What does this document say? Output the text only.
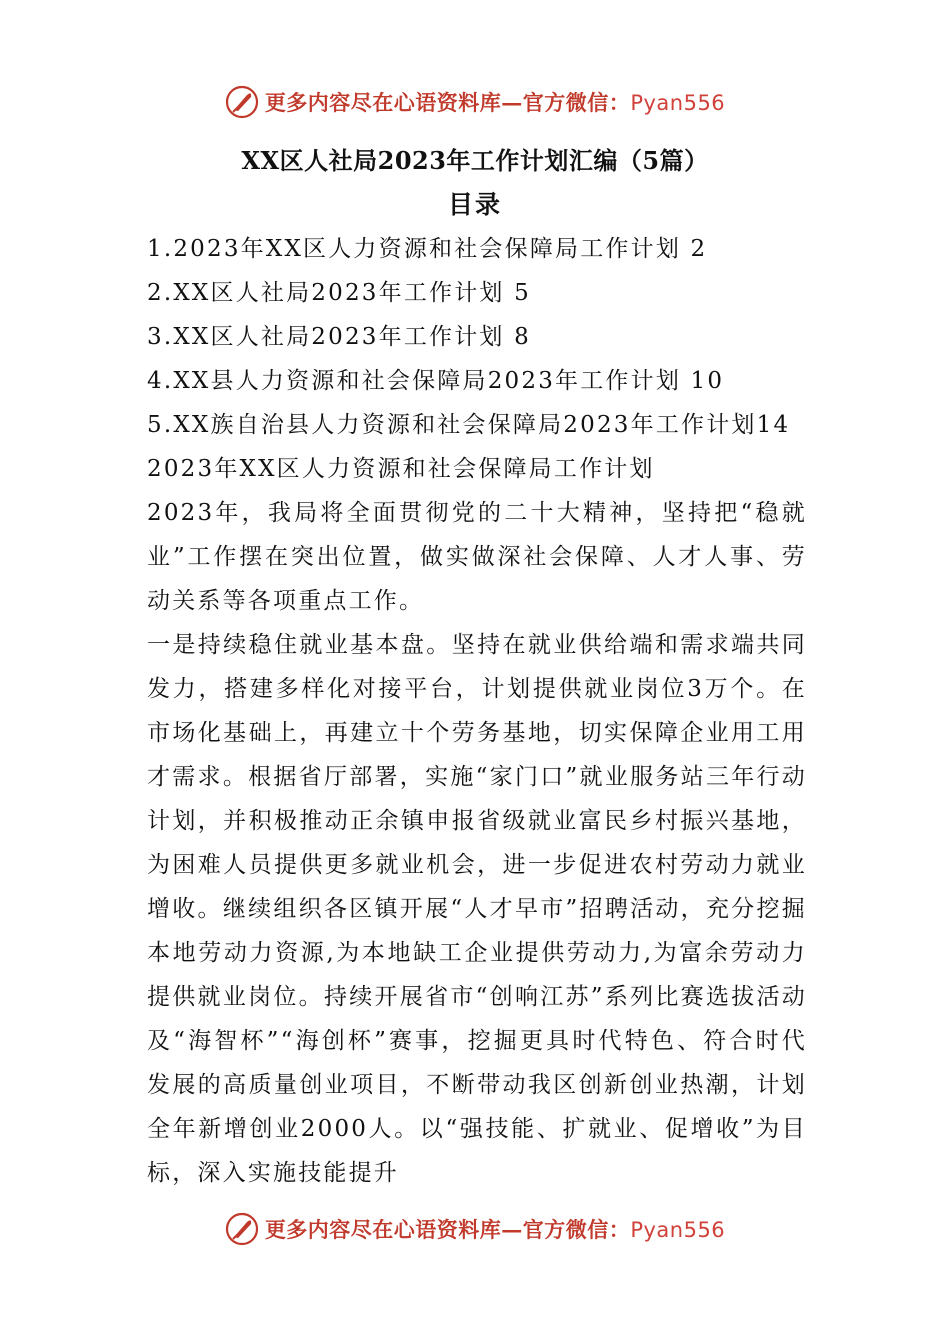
更多内容尽在心语资料库—官方微信：Pyan556
XX区人社局2023年工作计划汇编（5篇）
目录
1.2023年XX区人力资源和社会保障局工作计划 2
2.XX区人社局2023年工作计划 5
3.XX区人社局2023年工作计划 8
4.XX县人力资源和社会保障局2023年工作计划 10
5.XX族自治县人力资源和社会保障局2023年工作计划14
2023年XX区人力资源和社会保障局工作计划
2023年，我局将全面贯彻党的二十大精神，坚持把“稳就业”工作摆在突出位置，做实做深社会保障、人才人事、劳动关系等各项重点工作。
一是持续稳住就业基本盘。坚持在就业供给端和需求端共同发力，搭建多样化对接平台，计划提供就业岗位3万个。在市场化基础上，再建立十个劳务基地，切实保障企业用工用才需求。根据省厅部署，实施“家门口”就业服务站三年行动计划，并积极推动正余镇申报省级就业富民乡村振兴基地，为困难人员提供更多就业机会，进一步促进农村劳动力就业增收。继续组织各区镇开展“人才早市”招聘活动，充分挖掘本地劳动力资源,为本地缺工企业提供劳动力,为富余劳动力提供就业岗位。持续开展省市“创响江苏”系列比赛选拔活动及“海智杯”“海创杯”赛事，挖掘更具时代特色、符合时代发展的高质量创业项目，不断带动我区创新创业热潮，计划全年新增创业2000人。以“强技能、扩就业、促增收”为目标，深入实施技能提升
更多内容尽在心语资料库—官方微信：Pyan556
